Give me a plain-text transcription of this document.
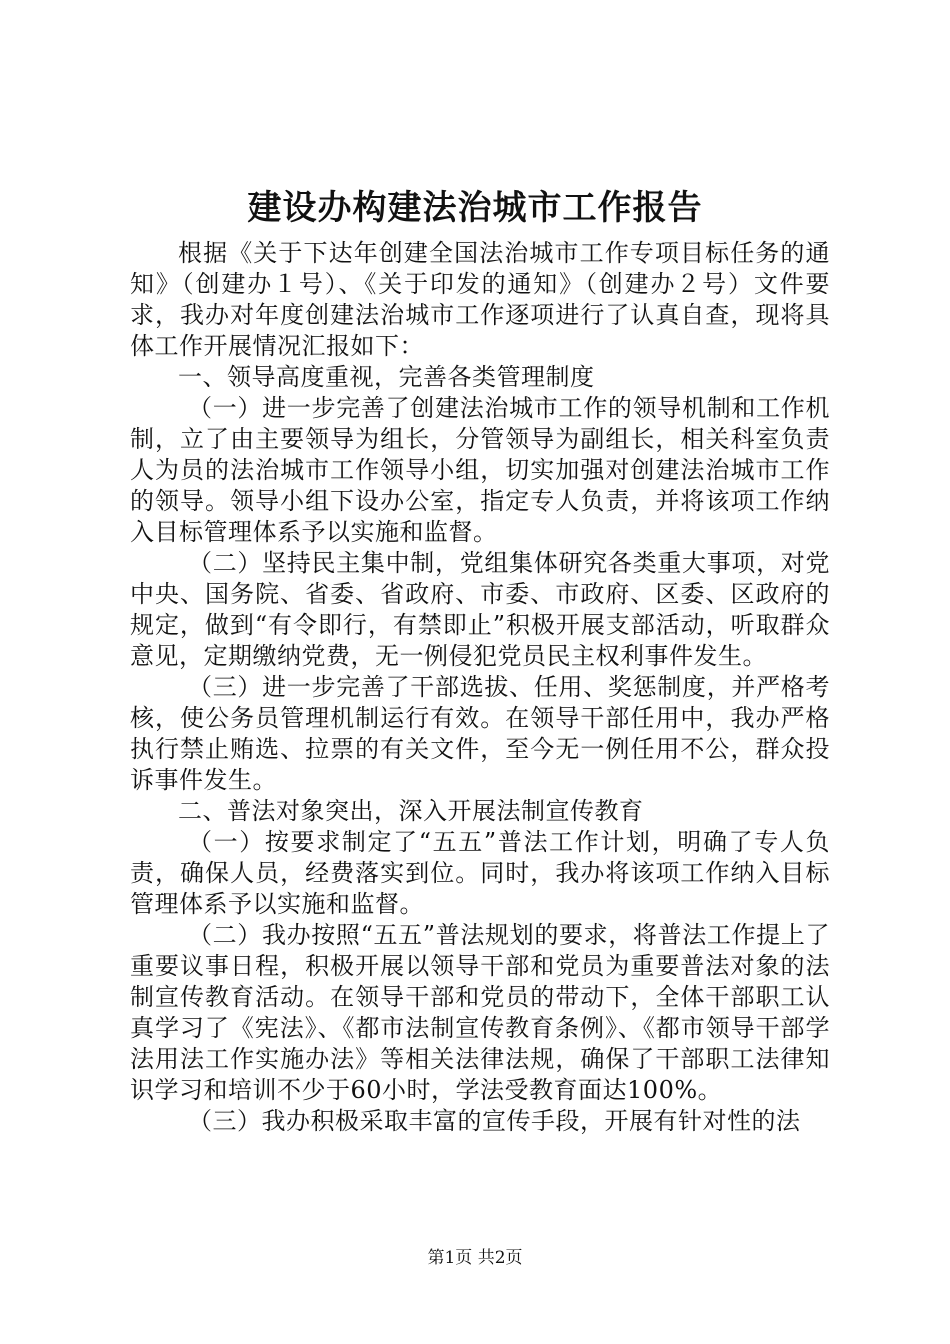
建设办构建法治城市工作报告

根据《关于下达年创建全国法治城市工作专项目标任务的通知》（创建办１号）、《关于印发的通知》（创建办２号）文件要求，我办对年度创建法治城市工作逐项进行了认真自查，现将具体工作开展情况汇报如下：

一、领导高度重视，完善各类管理制度

（一）进一步完善了创建法治城市工作的领导机制和工作机制，立了由主要领导为组长，分管领导为副组长，相关科室负责人为员的法治城市工作领导小组，切实加强对创建法治城市工作的领导。领导小组下设办公室，指定专人负责，并将该项工作纳入目标管理体系予以实施和监督。

（二）坚持民主集中制，党组集体研究各类重大事项，对党中央、国务院、省委、省政府、市委、市政府、区委、区政府的规定，做到“有令即行，有禁即止”积极开展支部活动，听取群众意见，定期缴纳党费，无一例侵犯党员民主权利事件发生。

（三）进一步完善了干部选拔、任用、奖惩制度，并严格考核，使公务员管理机制运行有效。在领导干部任用中，我办严格执行禁止贿选、拉票的有关文件，至今无一例任用不公，群众投诉事件发生。

二、普法对象突出，深入开展法制宣传教育

（一）按要求制定了“五五”普法工作计划，明确了专人负责，确保人员，经费落实到位。同时，我办将该项工作纳入目标管理体系予以实施和监督。

（二）我办按照“五五”普法规划的要求，将普法工作提上了重要议事日程，积极开展以领导干部和党员为重要普法对象的法制宣传教育活动。在领导干部和党员的带动下，全体干部职工认真学习了《宪法》、《都市法制宣传教育条例》、《都市领导干部学法用法工作实施办法》等相关法律法规，确保了干部职工法律知识学习和培训不少于60小时，学法受教育面达100%。

（三）我办积极采取丰富的宣传手段，开展有针对性的法

第1页 共2页
